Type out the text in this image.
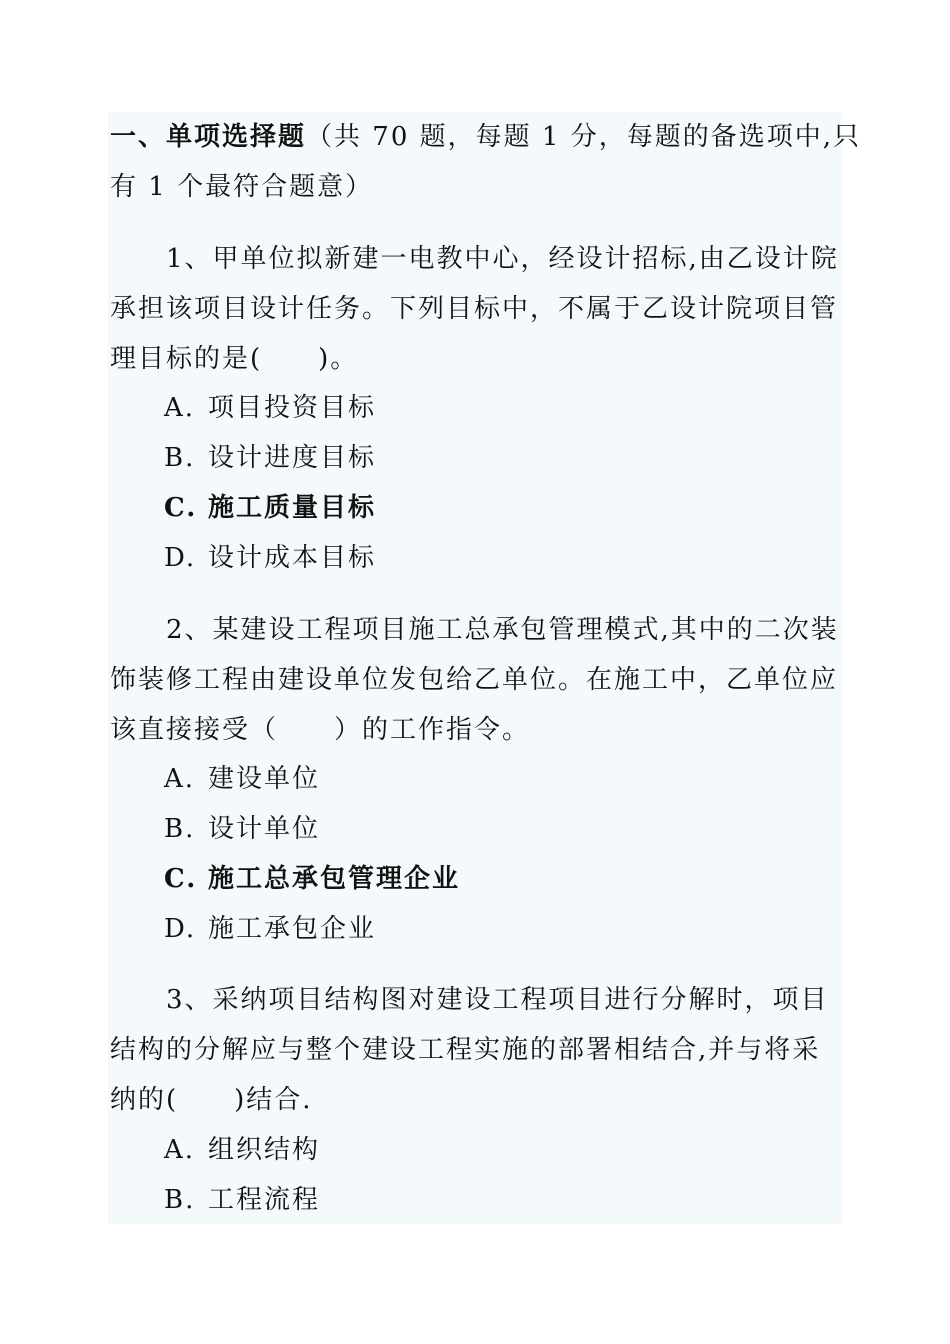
一、单项选择题（共 70 题，每题 1 分，每题的备选项中,只
有 1 个最符合题意）
1、甲单位拟新建一电教中心，经设计招标,由乙设计院
承担该项目设计任务。下列目标中，不属于乙设计院项目管
理目标的是(　　)。
A. 项目投资目标
B. 设计进度目标
C. 施工质量目标
D. 设计成本目标
2、某建设工程项目施工总承包管理模式,其中的二次装
饰装修工程由建设单位发包给乙单位。在施工中，乙单位应
该直接接受（　　）的工作指令。
A. 建设单位
B. 设计单位
C. 施工总承包管理企业
D. 施工承包企业
3、采纳项目结构图对建设工程项目进行分解时，项目
结构的分解应与整个建设工程实施的部署相结合,并与将采
纳的(　　)结合.
A. 组织结构
B. 工程流程
